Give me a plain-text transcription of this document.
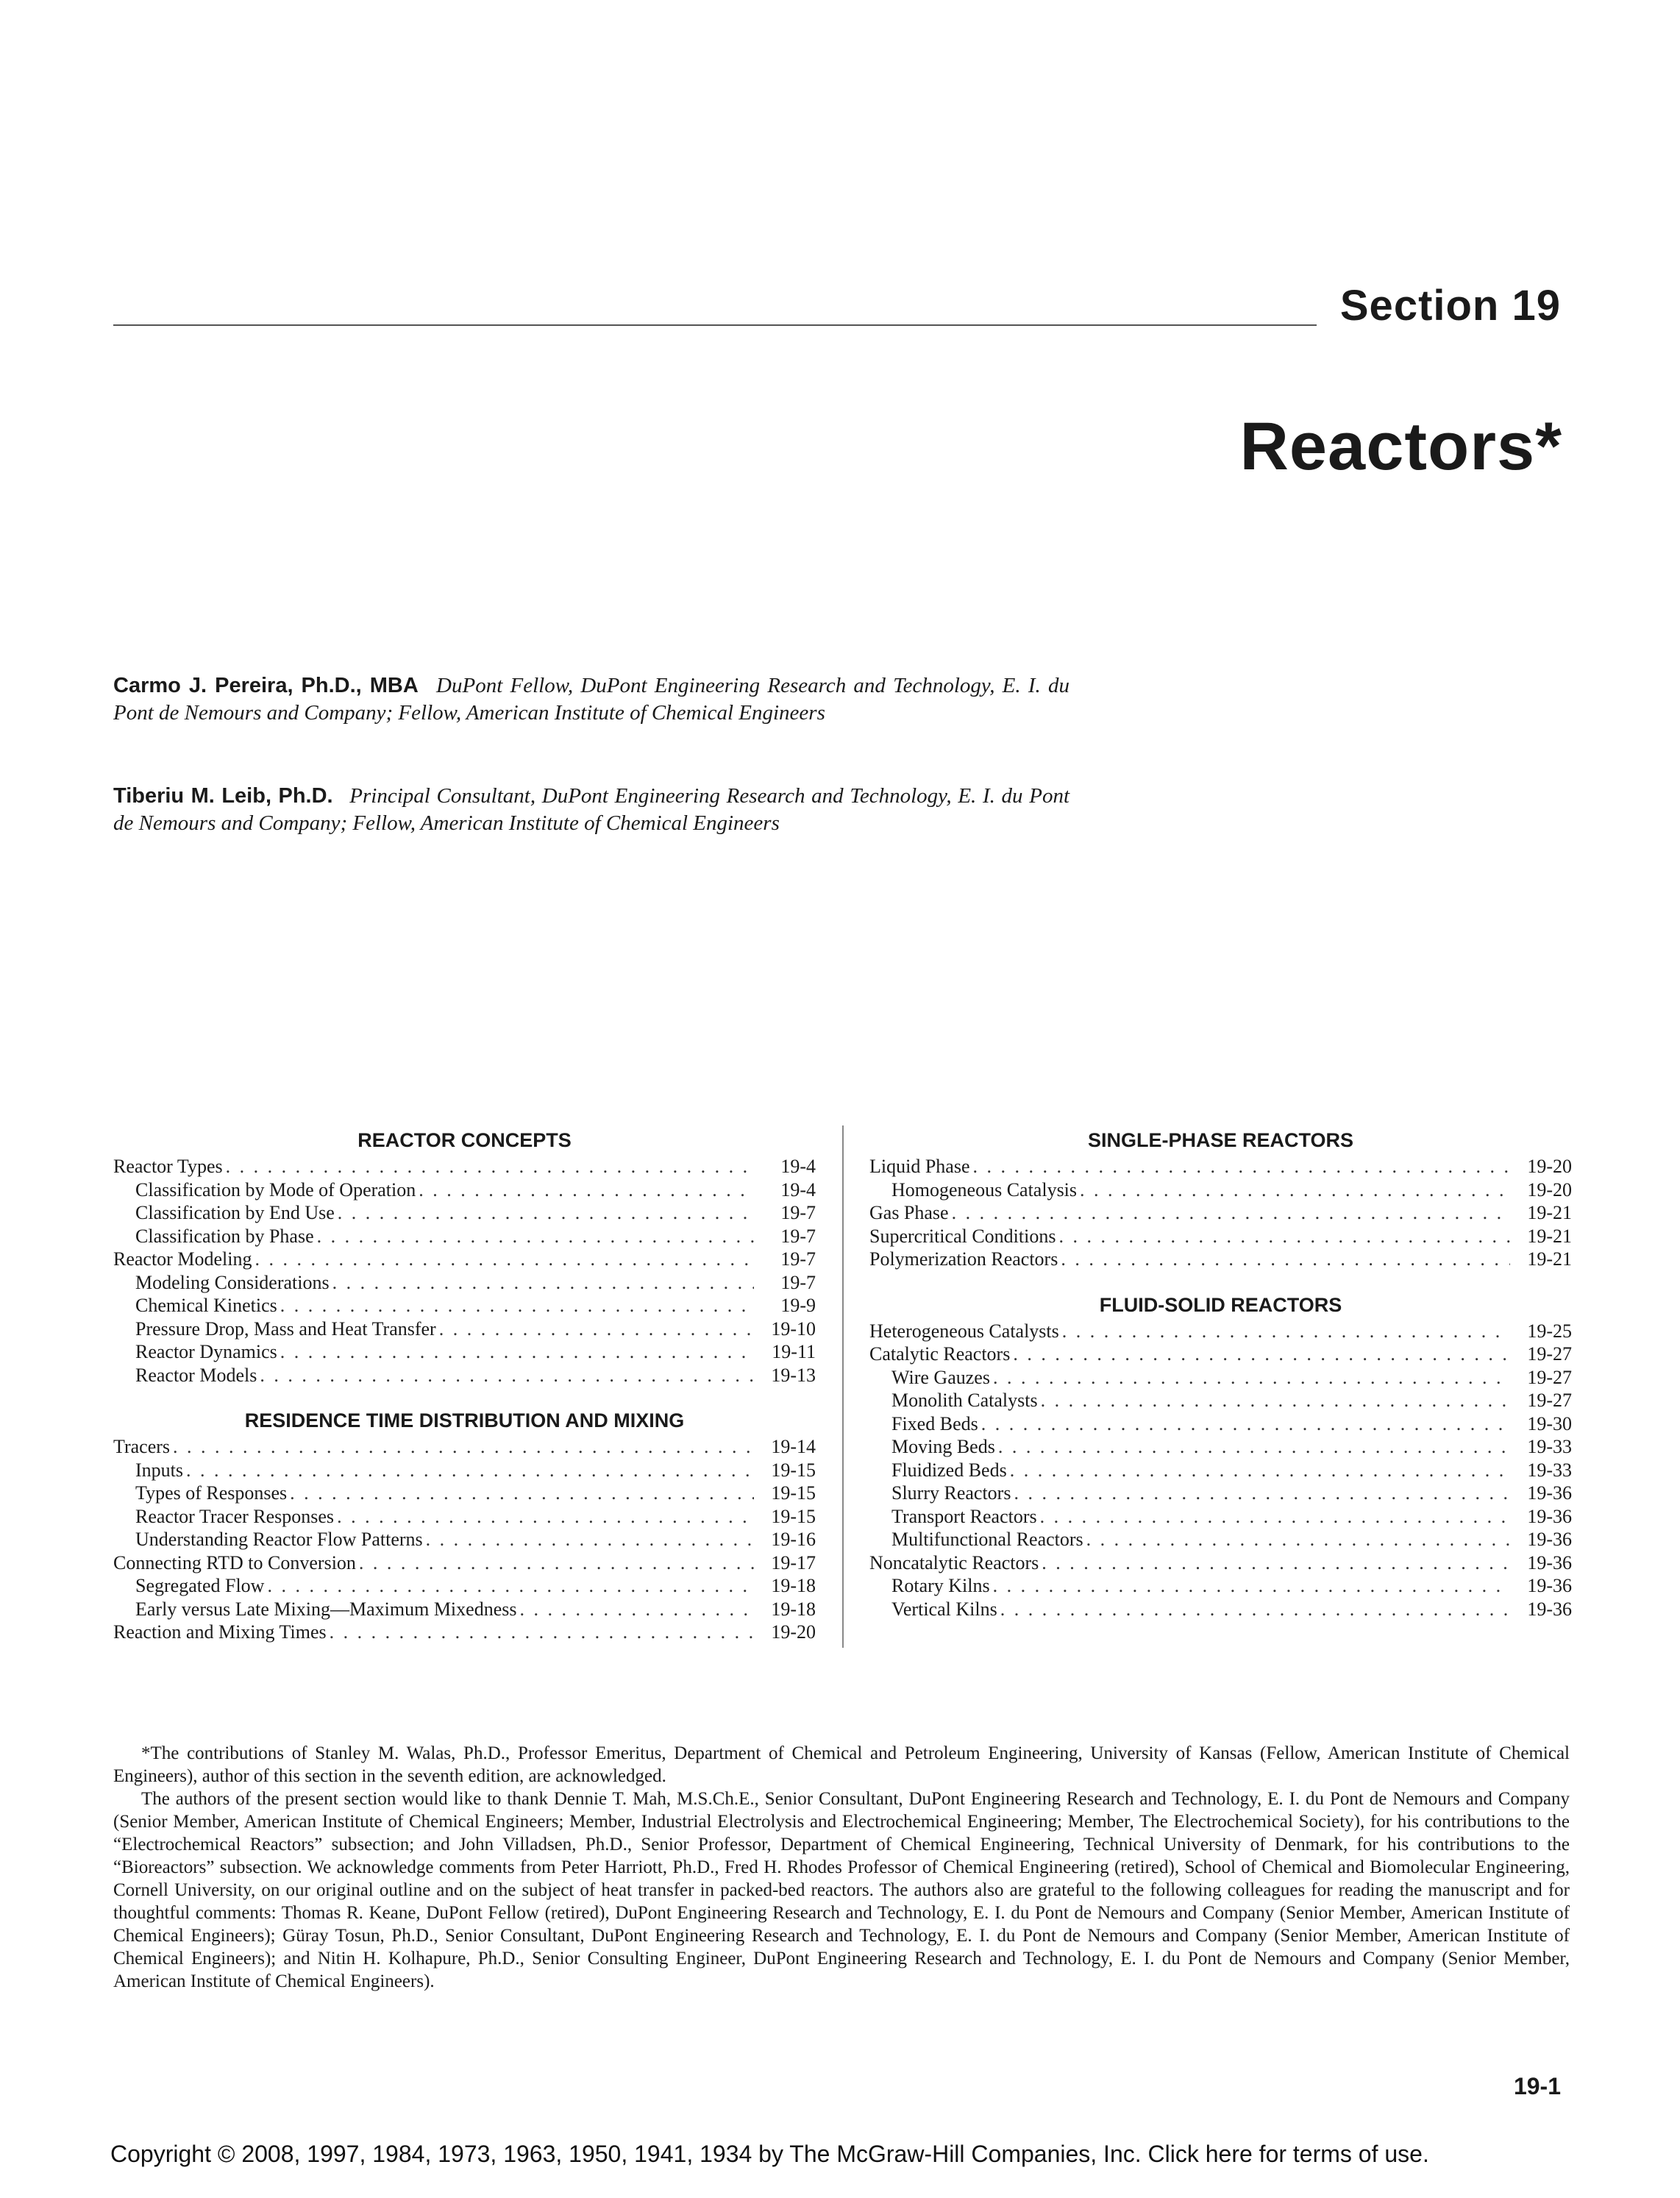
Section 19
Reactors*
Carmo J. Pereira, Ph.D., MBA DuPont Fellow, DuPont Engineering Research and Technology, E. I. du Pont de Nemours and Company; Fellow, American Institute of Chemical Engineers
Tiberiu M. Leib, Ph.D. Principal Consultant, DuPont Engineering Research and Technology, E. I. du Pont de Nemours and Company; Fellow, American Institute of Chemical Engineers
REACTOR CONCEPTS
Reactor Types . . .	19-4
Classification by Mode of Operation . . .	19-4
Classification by End Use . . .	19-7
Classification by Phase . . .	19-7
Reactor Modeling . . .	19-7
Modeling Considerations . . .	19-7
Chemical Kinetics . . .	19-9
Pressure Drop, Mass and Heat Transfer . . .	19-10
Reactor Dynamics . . .	19-11
Reactor Models . . .	19-13
RESIDENCE TIME DISTRIBUTION AND MIXING
Tracers . . .	19-14
Inputs . . .	19-15
Types of Responses . . .	19-15
Reactor Tracer Responses . . .	19-15
Understanding Reactor Flow Patterns . . .	19-16
Connecting RTD to Conversion . . .	19-17
Segregated Flow . . .	19-18
Early versus Late Mixing—Maximum Mixedness . . .	19-18
Reaction and Mixing Times . . .	19-20
SINGLE-PHASE REACTORS
Liquid Phase . . .	19-20
Homogeneous Catalysis . . .	19-20
Gas Phase . . .	19-21
Supercritical Conditions . . .	19-21
Polymerization Reactors . . .	19-21
FLUID-SOLID REACTORS
Heterogeneous Catalysts . . .	19-25
Catalytic Reactors . . .	19-27
Wire Gauzes . . .	19-27
Monolith Catalysts . . .	19-27
Fixed Beds . . .	19-30
Moving Beds . . .	19-33
Fluidized Beds . . .	19-33
Slurry Reactors . . .	19-36
Transport Reactors . . .	19-36
Multifunctional Reactors . . .	19-36
Noncatalytic Reactors . . .	19-36
Rotary Kilns . . .	19-36
Vertical Kilns . . .	19-36

*The contributions of Stanley M. Walas, Ph.D., Professor Emeritus, Department of Chemical and Petroleum Engineering, University of Kansas (Fellow, American Institute of Chemical Engineers), author of this section in the seventh edition, are acknowledged.

The authors of the present section would like to thank Dennie T. Mah, M.S.Ch.E., Senior Consultant, DuPont Engineering Research and Technology, E. I. du Pont de Nemours and Company (Senior Member, American Institute of Chemical Engineers; Member, Industrial Electrolysis and Electrochemical Engineering; Member, The Electrochemical Society), for his contributions to the “Electrochemical Reactors” subsection; and John Villadsen, Ph.D., Senior Professor, Department of Chemical Engineering, Technical University of Denmark, for his contributions to the “Bioreactors” subsection. We acknowledge comments from Peter Harriott, Ph.D., Fred H. Rhodes Professor of Chemical Engineering (retired), School of Chemical and Biomolecular Engineering, Cornell University, on our original outline and on the subject of heat transfer in packed-bed reactors. The authors also are grateful to the following colleagues for reading the manuscript and for thoughtful comments: Thomas R. Keane, DuPont Fellow (retired), DuPont Engineering Research and Technology, E. I. du Pont de Nemours and Company (Senior Member, American Institute of Chemical Engineers); Güray Tosun, Ph.D., Senior Consultant, DuPont Engineering Research and Technology, E. I. du Pont de Nemours and Company (Senior Member, American Institute of Chemical Engineers); and Nitin H. Kolhapure, Ph.D., Senior Consulting Engineer, DuPont Engineering Research and Technology, E. I. du Pont de Nemours and Company (Senior Member, American Institute of Chemical Engineers).

19-1
Copyright © 2008, 1997, 1984, 1973, 1963, 1950, 1941, 1934 by The McGraw-Hill Companies, Inc. Click here for terms of use.
